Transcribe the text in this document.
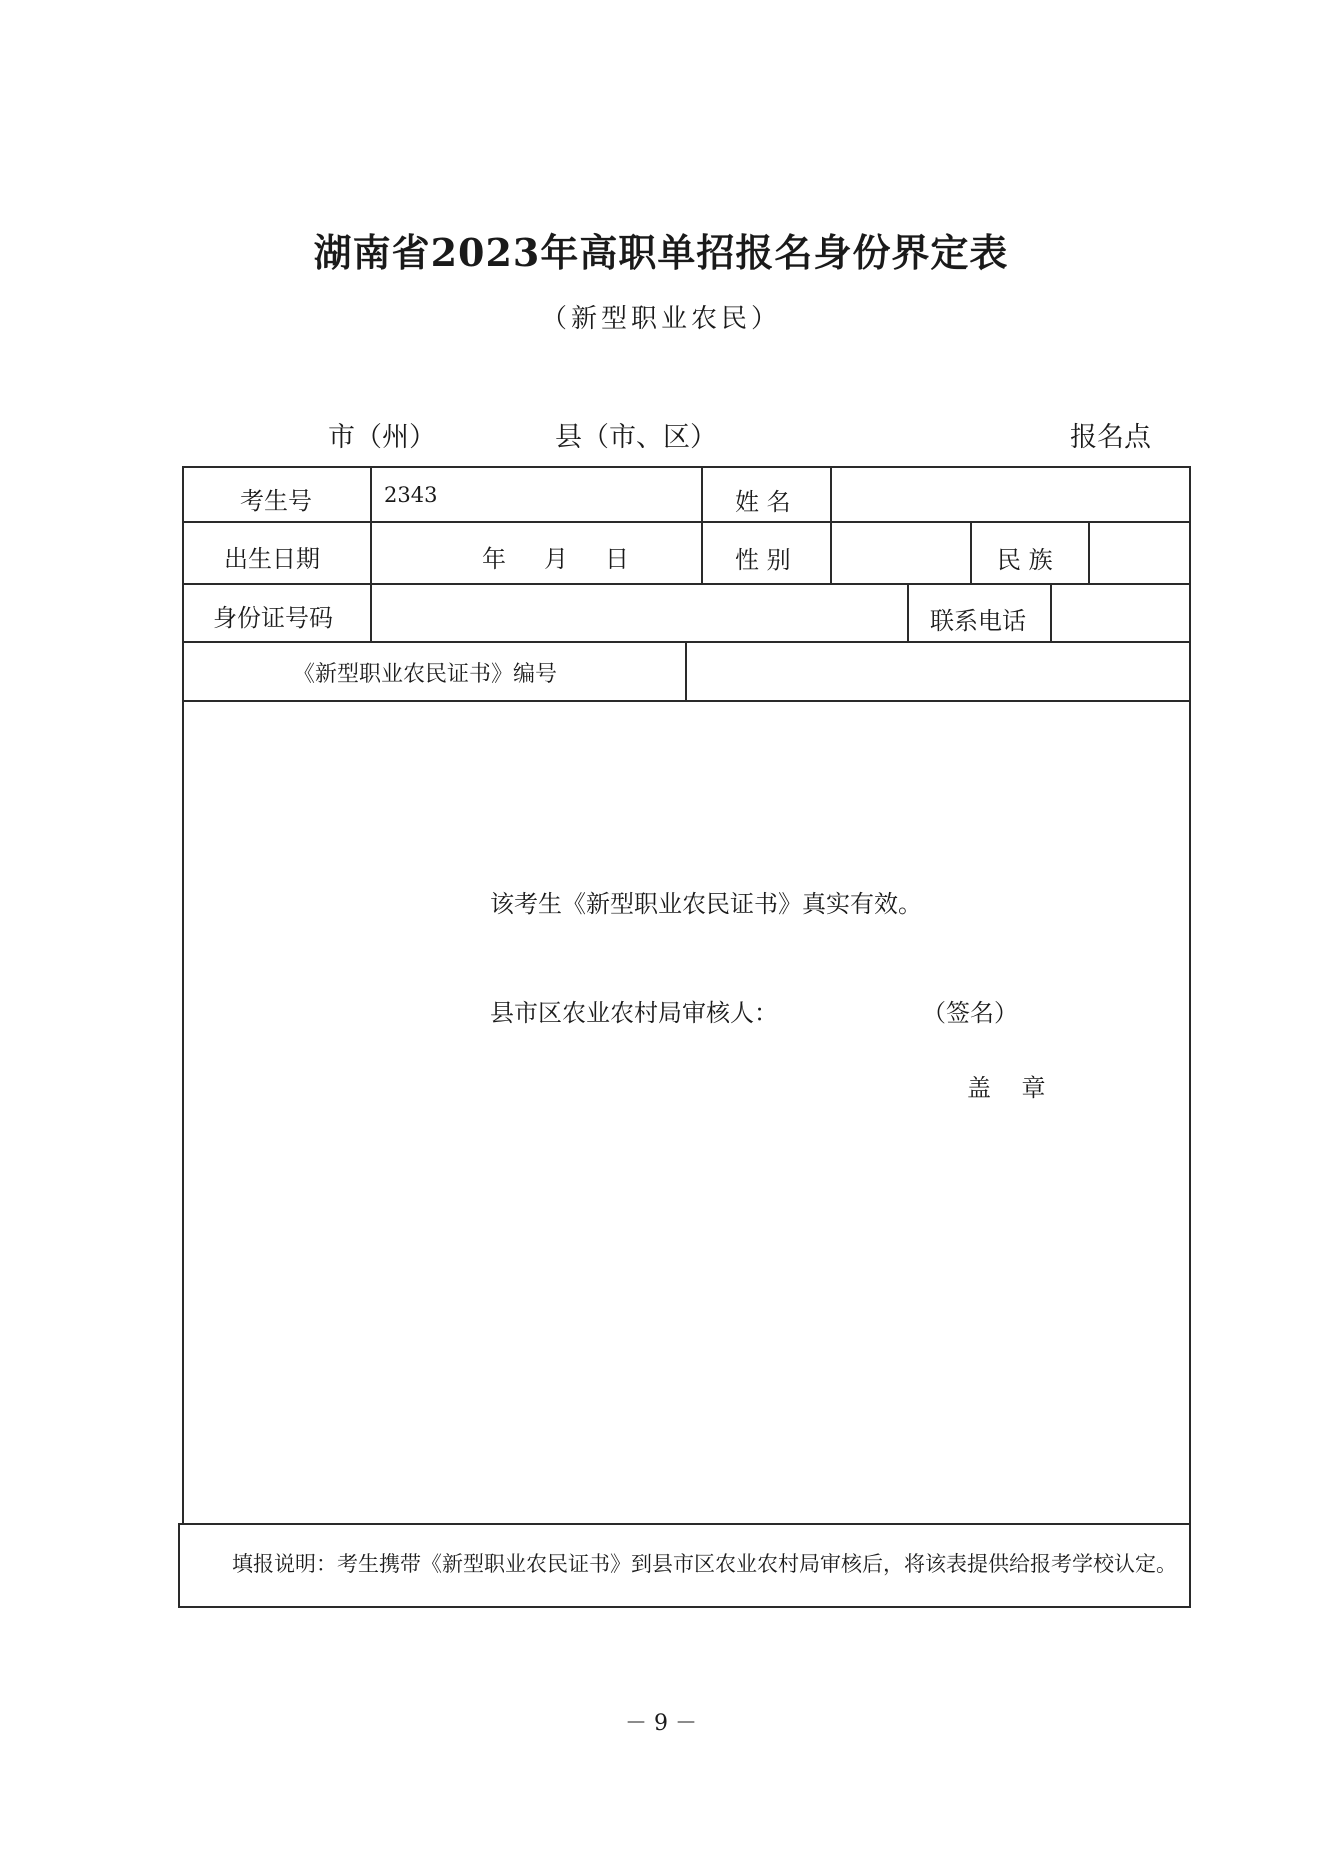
湖南省2023年高职单招报名身份界定表
（新型职业农民）
市（州）	县（市、区）	报名点
考生号	2343	姓 名
出生日期	年 月 日	性 别	民 族
身份证号码	联系电话
《新型职业农民证书》编号
该考生《新型职业农民证书》真实有效。
县市区农业农村局审核人：	（签名）
盖    章
填报说明：考生携带《新型职业农民证书》到县市区农业农村局审核后，将该表提供给报考学校认定。
－ 9 －
